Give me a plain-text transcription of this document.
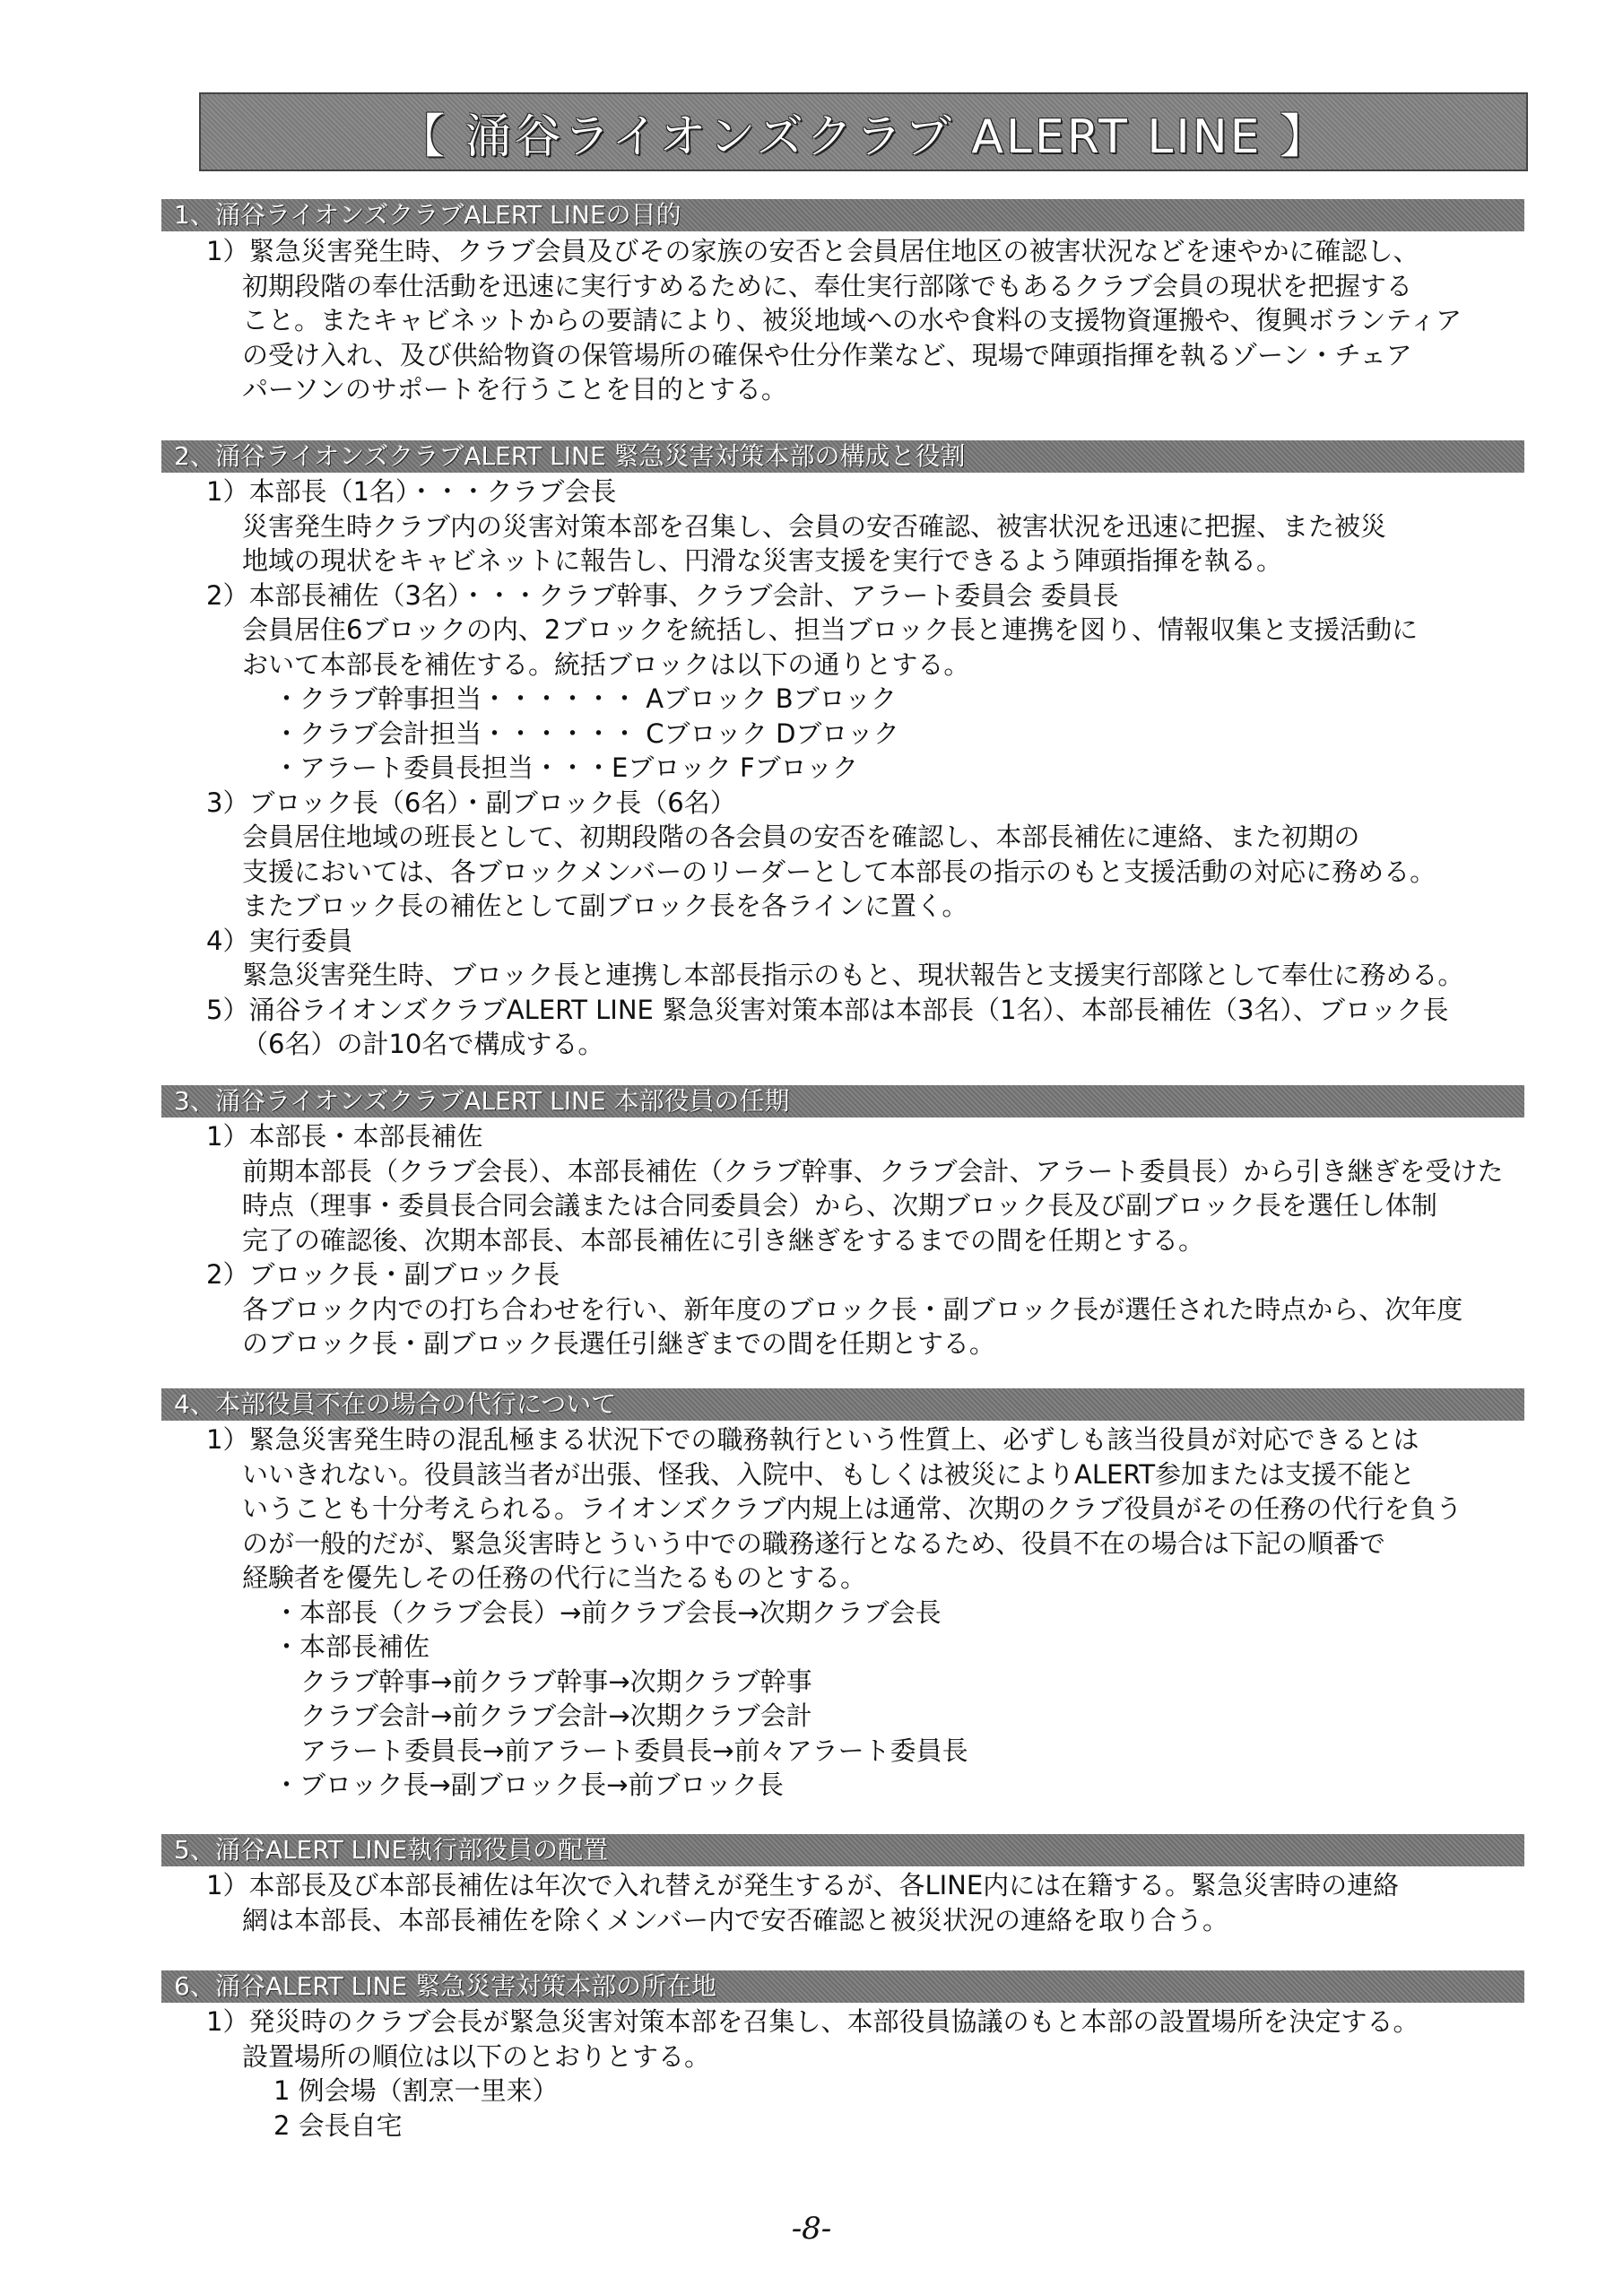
【 涌谷ライオンズクラブ ALERT LINE 】
1、涌谷ライオンズクラブALERT LINEの目的
1）緊急災害発生時、クラブ会員及びその家族の安否と会員居住地区の被害状況などを速やかに確認し、
初期段階の奉仕活動を迅速に実行すめるために、奉仕実行部隊でもあるクラブ会員の現状を把握する
こと。またキャビネットからの要請により、被災地域への水や食料の支援物資運搬や、復興ボランティア
の受け入れ、及び供給物資の保管場所の確保や仕分作業など、現場で陣頭指揮を執るゾーン・チェア
パーソンのサポートを行うことを目的とする。
2、涌谷ライオンズクラブALERT LINE 緊急災害対策本部の構成と役割
1）本部長（1名）・・・クラブ会長
災害発生時クラブ内の災害対策本部を召集し、会員の安否確認、被害状況を迅速に把握、また被災
地域の現状をキャビネットに報告し、円滑な災害支援を実行できるよう陣頭指揮を執る。
2）本部長補佐（3名）・・・クラブ幹事、クラブ会計、アラート委員会 委員長
会員居住6ブロックの内、2ブロックを統括し、担当ブロック長と連携を図り、情報収集と支援活動に
おいて本部長を補佐する。統括ブロックは以下の通りとする。
・クラブ幹事担当・・・・・・ Aブロック Bブロック
・クラブ会計担当・・・・・・ Cブロック Dブロック
・アラート委員長担当・・・Eブロック Fブロック
3）ブロック長（6名）・副ブロック長（6名）
会員居住地域の班長として、初期段階の各会員の安否を確認し、本部長補佐に連絡、また初期の
支援においては、各ブロックメンバーのリーダーとして本部長の指示のもと支援活動の対応に務める。
またブロック長の補佐として副ブロック長を各ラインに置く。
4）実行委員
緊急災害発生時、ブロック長と連携し本部長指示のもと、現状報告と支援実行部隊として奉仕に務める。
5）涌谷ライオンズクラブALERT LINE 緊急災害対策本部は本部長（1名）、本部長補佐（3名）、ブロック長
（6名）の計10名で構成する。
3、涌谷ライオンズクラブALERT LINE 本部役員の任期
1）本部長・本部長補佐
前期本部長（クラブ会長）、本部長補佐（クラブ幹事、クラブ会計、アラート委員長）から引き継ぎを受けた
時点（理事・委員長合同会議または合同委員会）から、次期ブロック長及び副ブロック長を選任し体制
完了の確認後、次期本部長、本部長補佐に引き継ぎをするまでの間を任期とする。
2）ブロック長・副ブロック長
各ブロック内での打ち合わせを行い、新年度のブロック長・副ブロック長が選任された時点から、次年度
のブロック長・副ブロック長選任引継ぎまでの間を任期とする。
4、本部役員不在の場合の代行について
1）緊急災害発生時の混乱極まる状況下での職務執行という性質上、必ずしも該当役員が対応できるとは
いいきれない。役員該当者が出張、怪我、入院中、もしくは被災によりALERT参加または支援不能と
いうことも十分考えられる。ライオンズクラブ内規上は通常、次期のクラブ役員がその任務の代行を負う
のが一般的だが、緊急災害時とういう中での職務遂行となるため、役員不在の場合は下記の順番で
経験者を優先しその任務の代行に当たるものとする。
・本部長（クラブ会長）→前クラブ会長→次期クラブ会長
・本部長補佐
クラブ幹事→前クラブ幹事→次期クラブ幹事
クラブ会計→前クラブ会計→次期クラブ会計
アラート委員長→前アラート委員長→前々アラート委員長
・ブロック長→副ブロック長→前ブロック長
5、涌谷ALERT LINE執行部役員の配置
1）本部長及び本部長補佐は年次で入れ替えが発生するが、各LINE内には在籍する。緊急災害時の連絡
網は本部長、本部長補佐を除くメンバー内で安否確認と被災状況の連絡を取り合う。
6、涌谷ALERT LINE 緊急災害対策本部の所在地
1）発災時のクラブ会長が緊急災害対策本部を召集し、本部役員協議のもと本部の設置場所を決定する。
設置場所の順位は以下のとおりとする。
1 例会場（割烹一里来）
2 会長自宅
-8-
